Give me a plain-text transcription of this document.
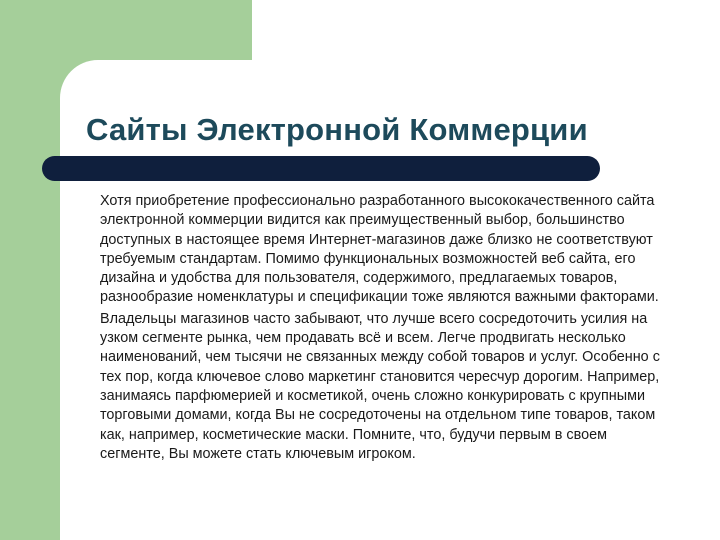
Сайты Электронной Коммерции

Хотя приобретение профессионально разработанного высококачественного сайта электронной коммерции видится как преимущественный выбор, большинство доступных в настоящее время Интернет-магазинов даже близко не соответствуют требуемым стандартам. Помимо функциональных возможностей веб сайта, его дизайна и удобства для пользователя, содержимого, предлагаемых товаров, разнообразие номенклатуры и спецификации тоже являются важными факторами.

Владельцы магазинов часто забывают, что лучше всего сосредоточить усилия на узком сегменте рынка, чем продавать всё и всем. Легче продвигать несколько наименований, чем тысячи не связанных между собой товаров и услуг. Особенно с тех пор, когда ключевое слово маркетинг становится чересчур дорогим. Например, занимаясь парфюмерией и косметикой, очень сложно конкурировать с крупными торговыми домами, когда Вы не сосредоточены на отдельном типе товаров, таком как, например, косметические маски. Помните, что, будучи первым в своем сегменте, Вы можете стать ключевым игроком.
